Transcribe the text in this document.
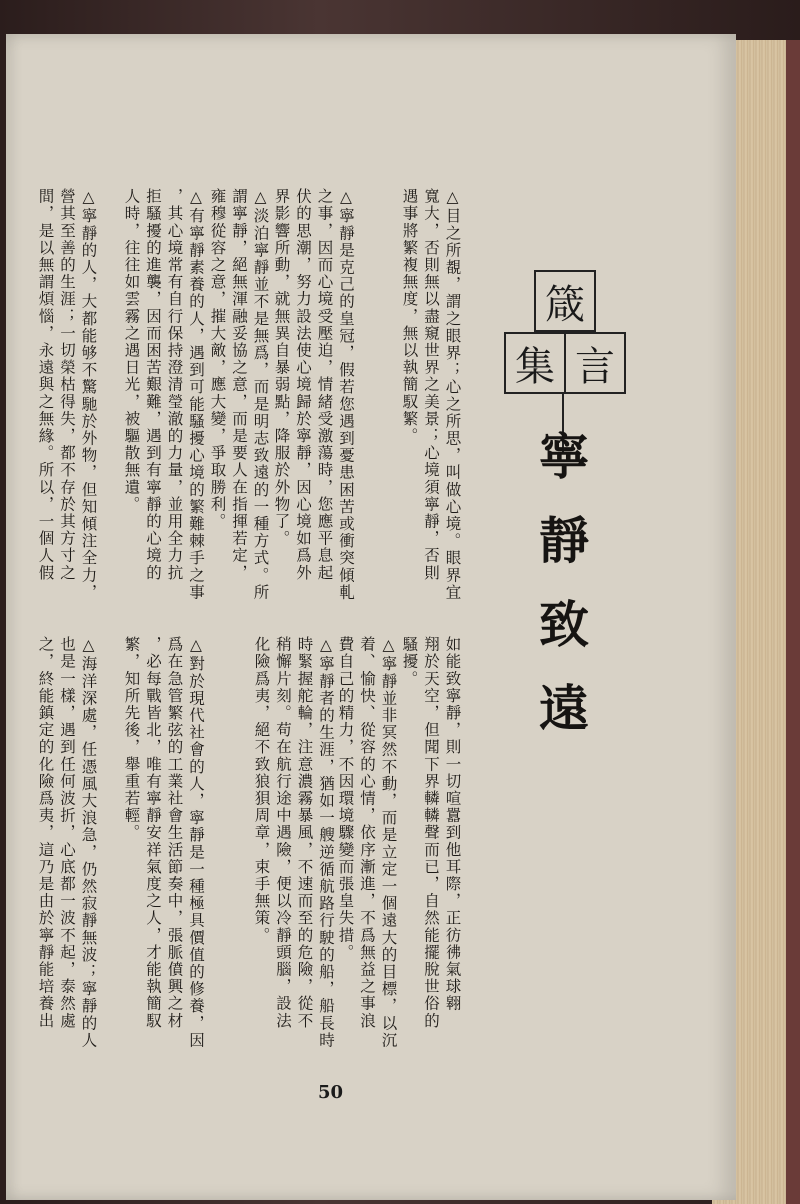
箴
集 言
寧靜致遠
△目之所覩，謂之眼界；心之所思，叫做心境。眼界宜
寬大，否則無以盡窺世界之美景；心境須寧靜，否則
遇事將繁複無度，無以執簡馭繁。
△寧靜是克己的皇冠，假若您遇到憂患困苦或衝突傾軋
之事，因而心境受壓迫，情緒受激蕩時，您應平息起
伏的思潮，努力設法使心境歸於寧靜，因心境如爲外
界影響所動，就無異自暴弱點，降服於外物了。
△淡泊寧靜並不是無爲，而是明志致遠的一種方式。所
謂寧靜，絕無渾融妥協之意，而是要人在指揮若定，
雍穆從容之意，摧大敵，應大變，爭取勝利。
△有寧靜素養的人，遇到可能騷擾心境的繁難棘手之事
，其心境常有自行保持澄清瑩澈的力量，並用全力抗
拒騷擾的進襲，因而困苦艱難，遇到有寧靜的心境的
人時，往往如雲霧之遇日光，被驅散無遺。
△寧靜的人，大都能够不驚馳於外物，但知傾注全力，
營其至善的生涯；一切榮枯得失，都不存於其方寸之
間，是以無謂煩惱，永遠與之無緣。所以，一個人假
如能致寧靜，則一切喧囂到他耳際，正彷彿氣球翱
翔於天空，但聞下界轔轔聲而已，自然能擺脫世俗的
騷擾。
△寧靜並非冥然不動，而是立定一個遠大的目標，以沉
着、愉快、從容的心情，依序漸進，不爲無益之事浪
費自己的精力，不因環境驟變而張皇失措。
△寧靜者的生涯，猶如一艘逆循航路行駛的船，船長時
時緊握舵輪，注意濃霧暴風，不速而至的危險，從不
稍懈片刻。苟在航行途中遇險，便以冷靜頭腦，設法
化險爲夷，絕不致狼狽周章，束手無策。
△對於現代社會的人，寧靜是一種極具價值的修養，因
爲在急管繁弦的工業社會生活節奏中，張脈僨興之材
，必每戰皆北，唯有寧靜安祥氣度之人，才能執簡馭
繁，知所先後，舉重若輕。
△海洋深處，任憑風大浪急，仍然寂靜無波；寧靜的人
也是一樣，遇到任何波折，心底都一波不起，泰然處
之，終能鎮定的化險爲夷，這乃是由於寧靜能培養出
50
